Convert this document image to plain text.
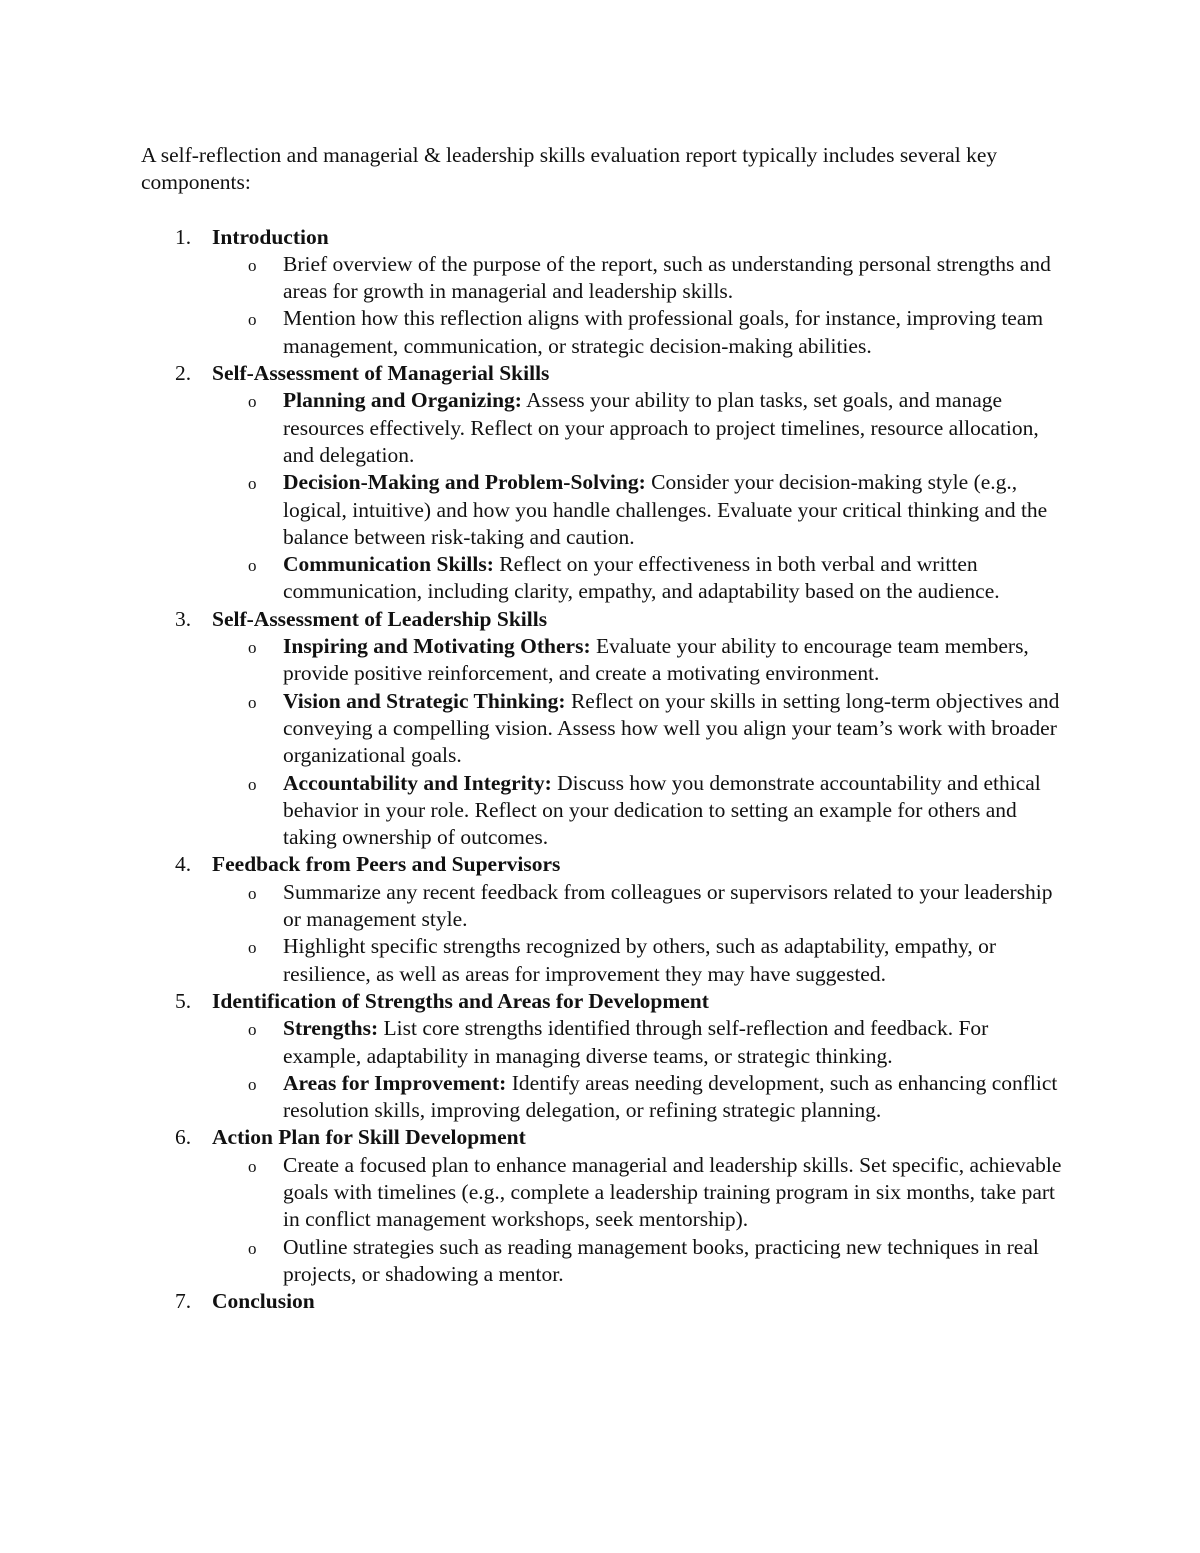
A self-reflection and managerial & leadership skills evaluation report typically includes several key components:

1. Introduction
o Brief overview of the purpose of the report, such as understanding personal strengths and areas for growth in managerial and leadership skills.
o Mention how this reflection aligns with professional goals, for instance, improving team management, communication, or strategic decision-making abilities.
2. Self-Assessment of Managerial Skills
o Planning and Organizing: Assess your ability to plan tasks, set goals, and manage resources effectively. Reflect on your approach to project timelines, resource allocation, and delegation.
o Decision-Making and Problem-Solving: Consider your decision-making style (e.g., logical, intuitive) and how you handle challenges. Evaluate your critical thinking and the balance between risk-taking and caution.
o Communication Skills: Reflect on your effectiveness in both verbal and written communication, including clarity, empathy, and adaptability based on the audience.
3. Self-Assessment of Leadership Skills
o Inspiring and Motivating Others: Evaluate your ability to encourage team members, provide positive reinforcement, and create a motivating environment.
o Vision and Strategic Thinking: Reflect on your skills in setting long-term objectives and conveying a compelling vision. Assess how well you align your team’s work with broader organizational goals.
o Accountability and Integrity: Discuss how you demonstrate accountability and ethical behavior in your role. Reflect on your dedication to setting an example for others and taking ownership of outcomes.
4. Feedback from Peers and Supervisors
o Summarize any recent feedback from colleagues or supervisors related to your leadership or management style.
o Highlight specific strengths recognized by others, such as adaptability, empathy, or resilience, as well as areas for improvement they may have suggested.
5. Identification of Strengths and Areas for Development
o Strengths: List core strengths identified through self-reflection and feedback. For example, adaptability in managing diverse teams, or strategic thinking.
o Areas for Improvement: Identify areas needing development, such as enhancing conflict resolution skills, improving delegation, or refining strategic planning.
6. Action Plan for Skill Development
o Create a focused plan to enhance managerial and leadership skills. Set specific, achievable goals with timelines (e.g., complete a leadership training program in six months, take part in conflict management workshops, seek mentorship).
o Outline strategies such as reading management books, practicing new techniques in real projects, or shadowing a mentor.
7. Conclusion
